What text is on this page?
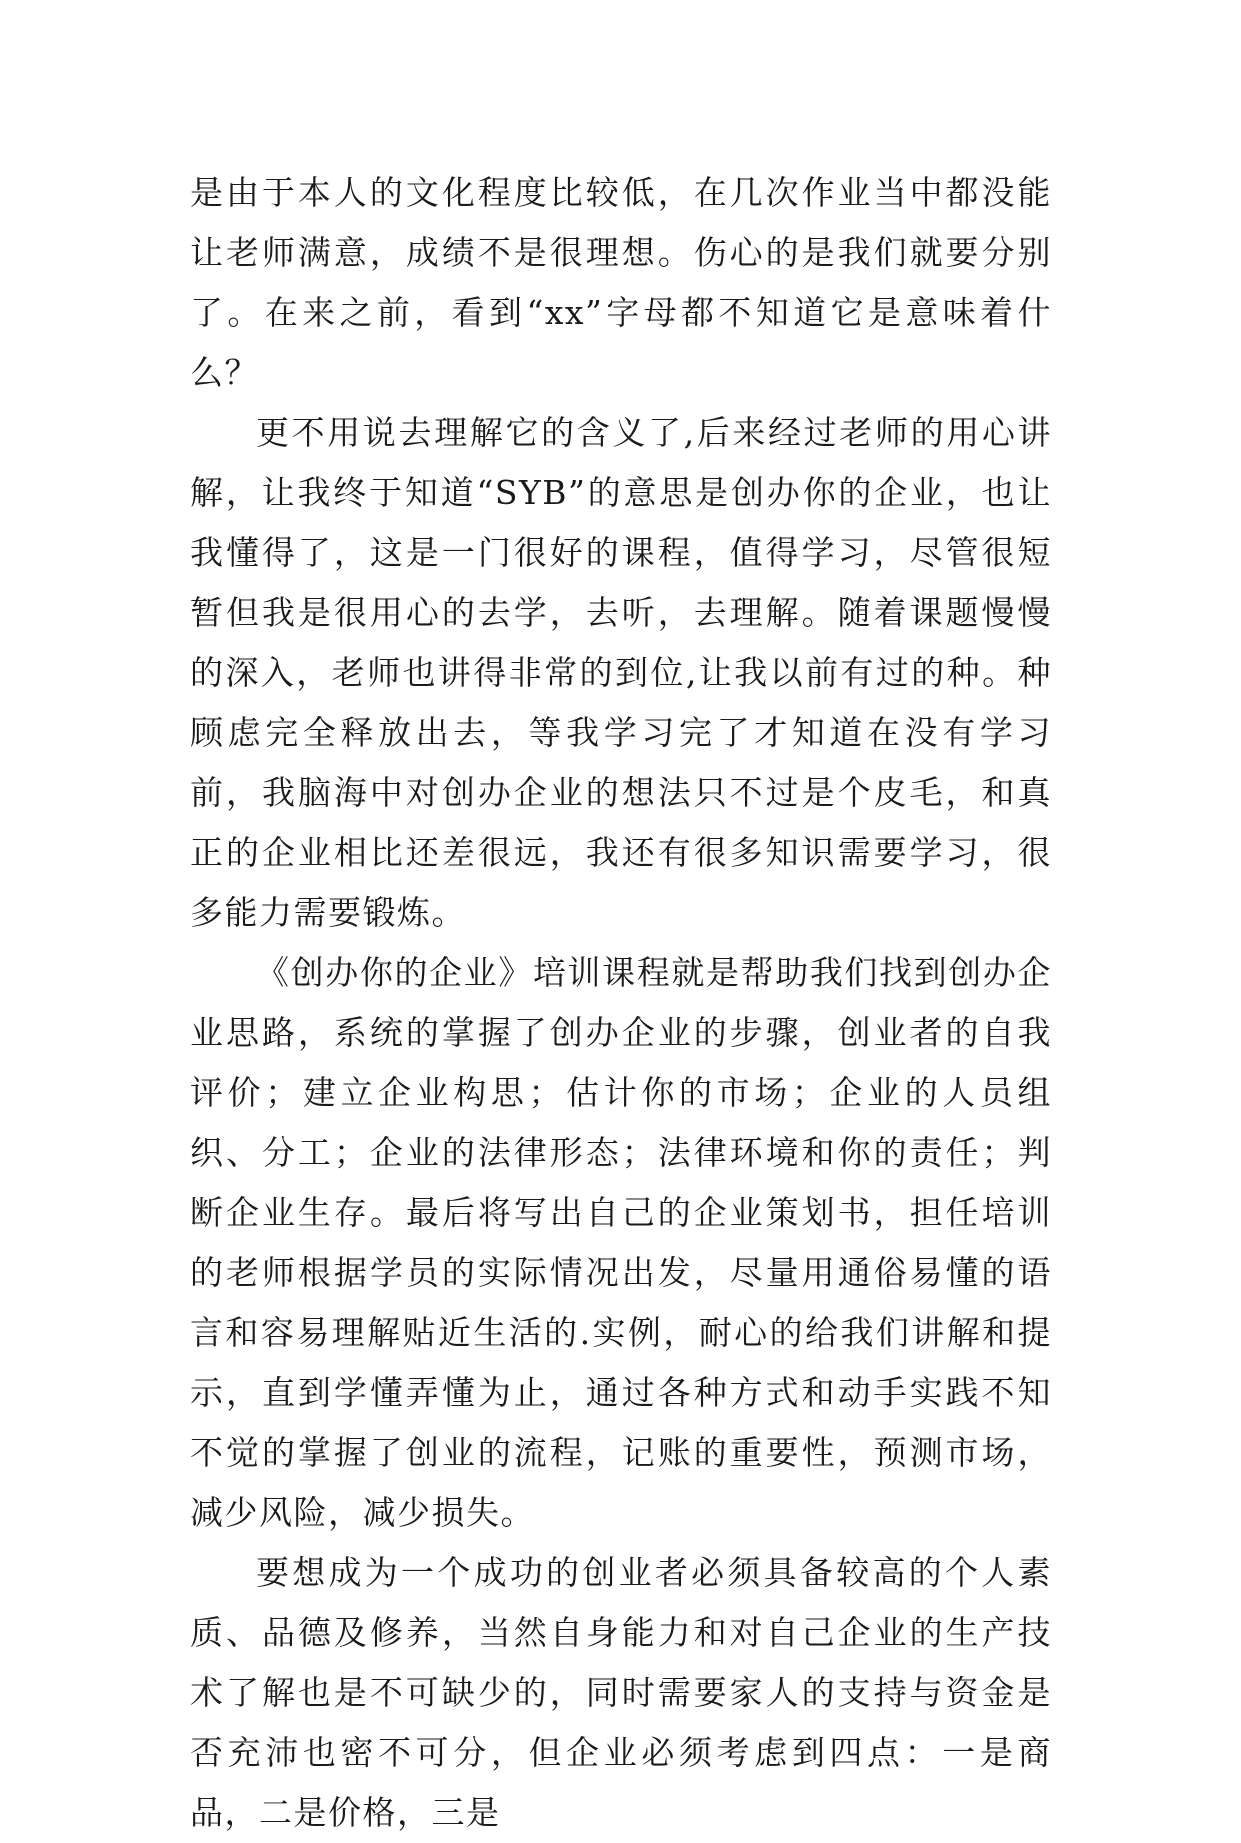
是由于本人的文化程度比较低，在几次作业当中都没能让老师满意，成绩不是很理想。伤心的是我们就要分别了。在来之前，看到“xx”字母都不知道它是意味着什么？

更不用说去理解它的含义了,后来经过老师的用心讲解，让我终于知道“SYB”的意思是创办你的企业，也让我懂得了，这是一门很好的课程，值得学习，尽管很短暂但我是很用心的去学，去听，去理解。随着课题慢慢的深入，老师也讲得非常的到位,让我以前有过的种。种顾虑完全释放出去，等我学习完了才知道在没有学习前，我脑海中对创办企业的想法只不过是个皮毛，和真正的企业相比还差很远，我还有很多知识需要学习，很多能力需要锻炼。

《创办你的企业》培训课程就是帮助我们找到创办企业思路，系统的掌握了创办企业的步骤，创业者的自我评价；建立企业构思；估计你的市场；企业的人员组织、分工；企业的法律形态；法律环境和你的责任；判断企业生存。最后将写出自己的企业策划书，担任培训的老师根据学员的实际情况出发，尽量用通俗易懂的语言和容易理解贴近生活的.实例，耐心的给我们讲解和提示，直到学懂弄懂为止，通过各种方式和动手实践不知不觉的掌握了创业的流程，记账的重要性，预测市场，减少风险，减少损失。

要想成为一个成功的创业者必须具备较高的个人素质、品德及修养，当然自身能力和对自己企业的生产技术了解也是不可缺少的，同时需要家人的支持与资金是否充沛也密不可分，但企业必须考虑到四点：一是商品，二是价格，三是
